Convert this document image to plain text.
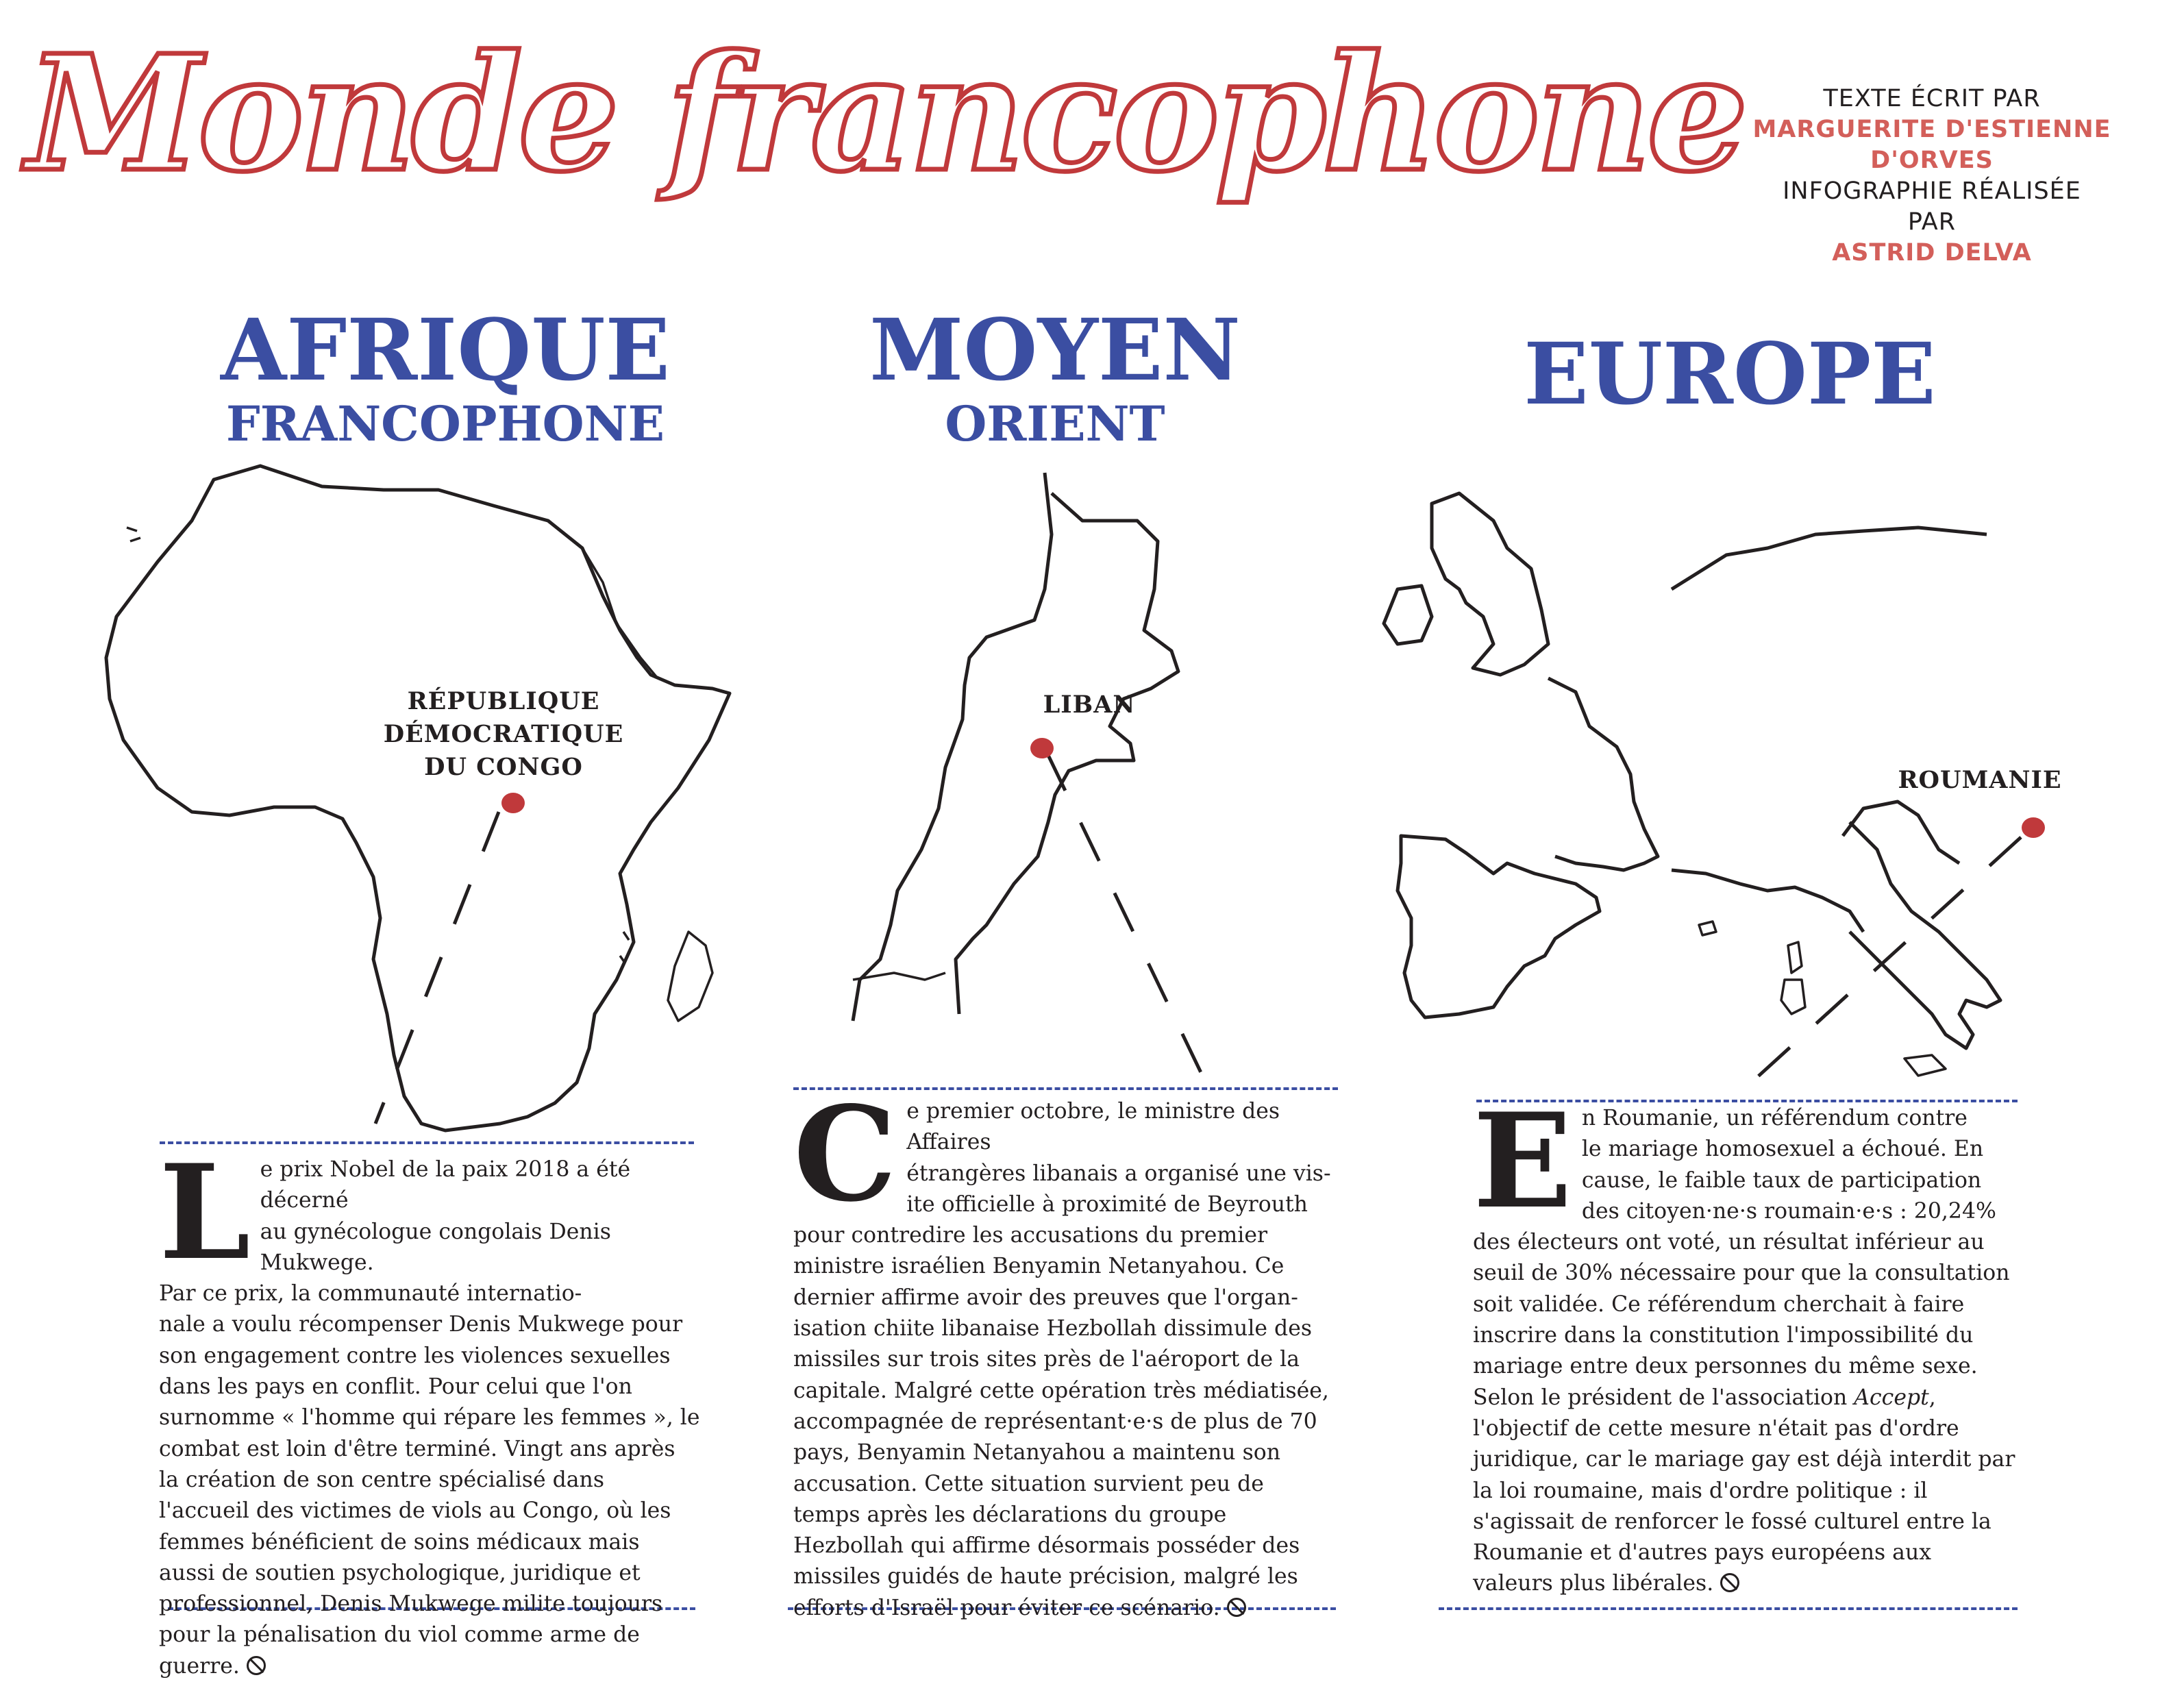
Monde francophone	TEXTE ÉCRIT PAR
MARGUERITE D'ESTIENNE
D'ORVES
INFOGRAPHIE RÉALISÉE
PAR
ASTRID DELVA
AFRIQUE
FRANCOPHONE
MOYEN
ORIENT	EUROPE
RÉPUBLIQUE
DÉMOCRATIQUE
DU CONGO
LIBAN
ROUMANIE
L e prix Nobel de la paix 2018 a été décerné
au gynécologue congolais Denis Mukwege.
Par ce prix, la communauté internatio-
nale a voulu récompenser Denis Mukwege pour son engagement contre les violences sexuelles dans les pays en conflit. Pour celui que l'on surnomme « l'homme qui répare les femmes », le combat est loin d'être terminé. Vingt ans après la création de son centre spécialisé dans l'accueil des victimes de viols au Congo, où les femmes bénéficient de soins médicaux mais aussi de soutien psychologique, juridique et professionnel, Denis Mukwege milite toujours pour la pénalisation du viol comme arme de guerre.
C e premier octobre, le ministre des Affaires
étrangères libanais a organisé une vis-
ite officielle à proximité de Beyrouth
pour contredire les accusations du premier ministre israélien Benyamin Netanyahou. Ce dernier affirme avoir des preuves que l'organisation chiite libanaise Hezbollah dissimule des missiles sur trois sites près de l'aéroport de la capitale. Malgré cette opération très médiatisée, accompagnée de représentant·e·s de plus de 70 pays, Benyamin Netanyahou a maintenu son accusation. Cette situation survient peu de temps après les déclarations du groupe Hezbollah qui affirme désormais posséder des missiles guidés de haute précision, malgré les efforts d'Israël pour éviter ce scénario.
E n Roumanie, un référendum contre
le mariage homosexuel a échoué. En
cause, le faible taux de participation
des citoyen·ne·s roumain·e·s : 20,24% des électeurs ont voté, un résultat inférieur au seuil de 30% nécessaire pour que la consultation soit validée. Ce référendum cherchait à faire inscrire dans la constitution l'impossibilité du mariage entre deux personnes du même sexe. Selon le président de l'association Accept, l'objectif de cette mesure n'était pas d'ordre juridique, car le mariage gay est déjà interdit par la loi roumaine, mais d'ordre politique : il s'agissait de renforcer le fossé culturel entre la Roumanie et d'autres pays européens aux valeurs plus libérales.
